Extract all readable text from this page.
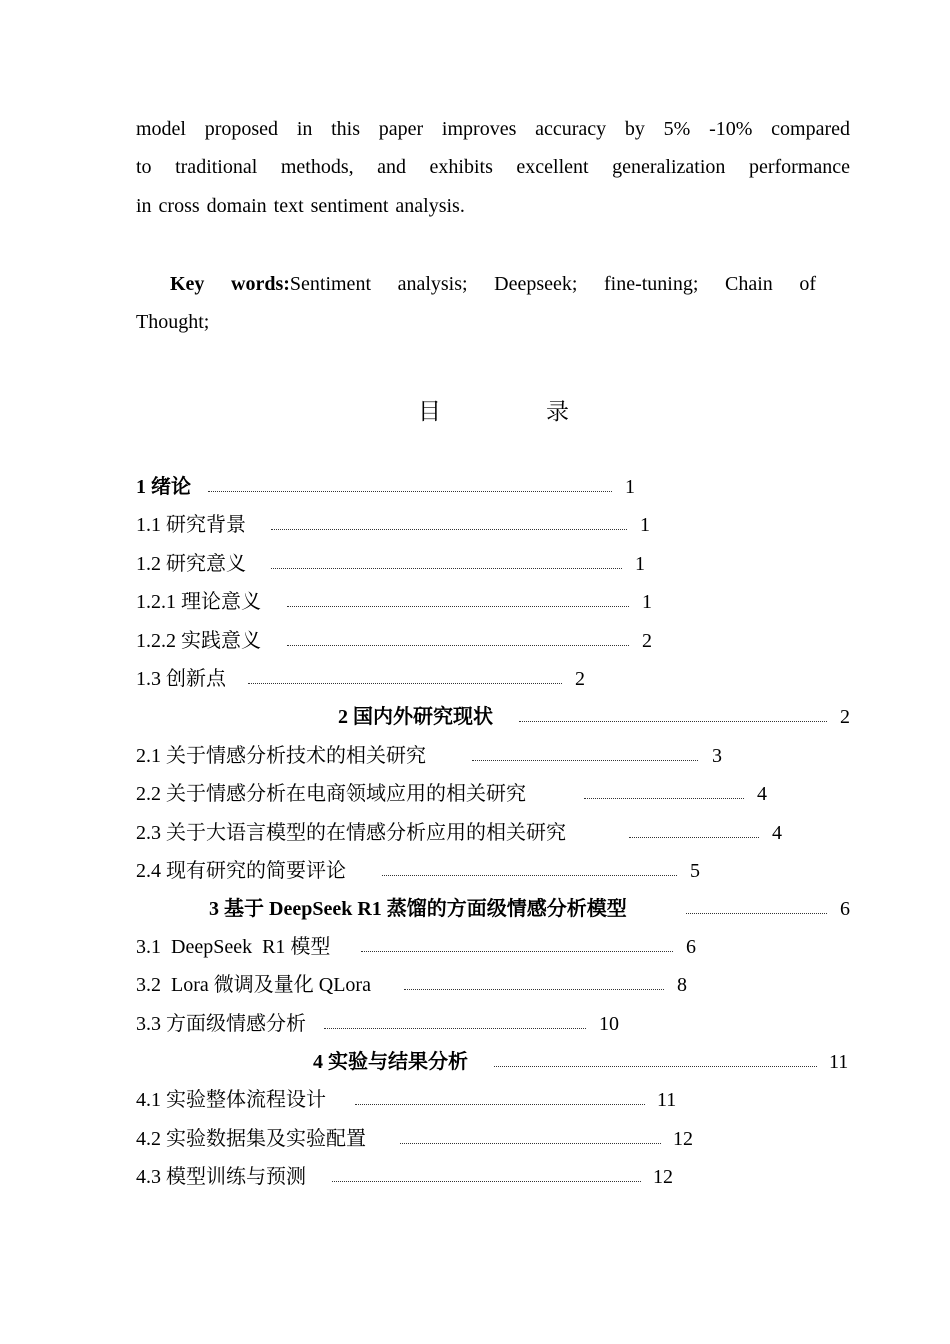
model proposed in this paper improves accuracy by 5% -10% compared
to traditional methods, and exhibits excellent generalization performance
in cross domain text sentiment analysis.
Key words:Sentiment analysis; Deepseek; fine-tuning; Chain of
Thought;
目	录
1 绪论	1
1.1 研究背景	1
1.2 研究意义	1
1.2.1 理论意义	1
1.2.2 实践意义	2
1.3 创新点	2
2 国内外研究现状	2
2.1 关于情感分析技术的相关研究	3
2.2 关于情感分析在电商领域应用的相关研究	4
2.3 关于大语言模型的在情感分析应用的相关研究	4
2.4 现有研究的简要评论	5
3 基于 DeepSeek R1 蒸馏的方面级情感分析模型	6
3.1  DeepSeek  R1 模型	6
3.2  Lora 微调及量化 QLora	8
3.3 方面级情感分析	10
4 实验与结果分析	11
4.1 实验整体流程设计	11
4.2 实验数据集及实验配置	12
4.3 模型训练与预测	12
